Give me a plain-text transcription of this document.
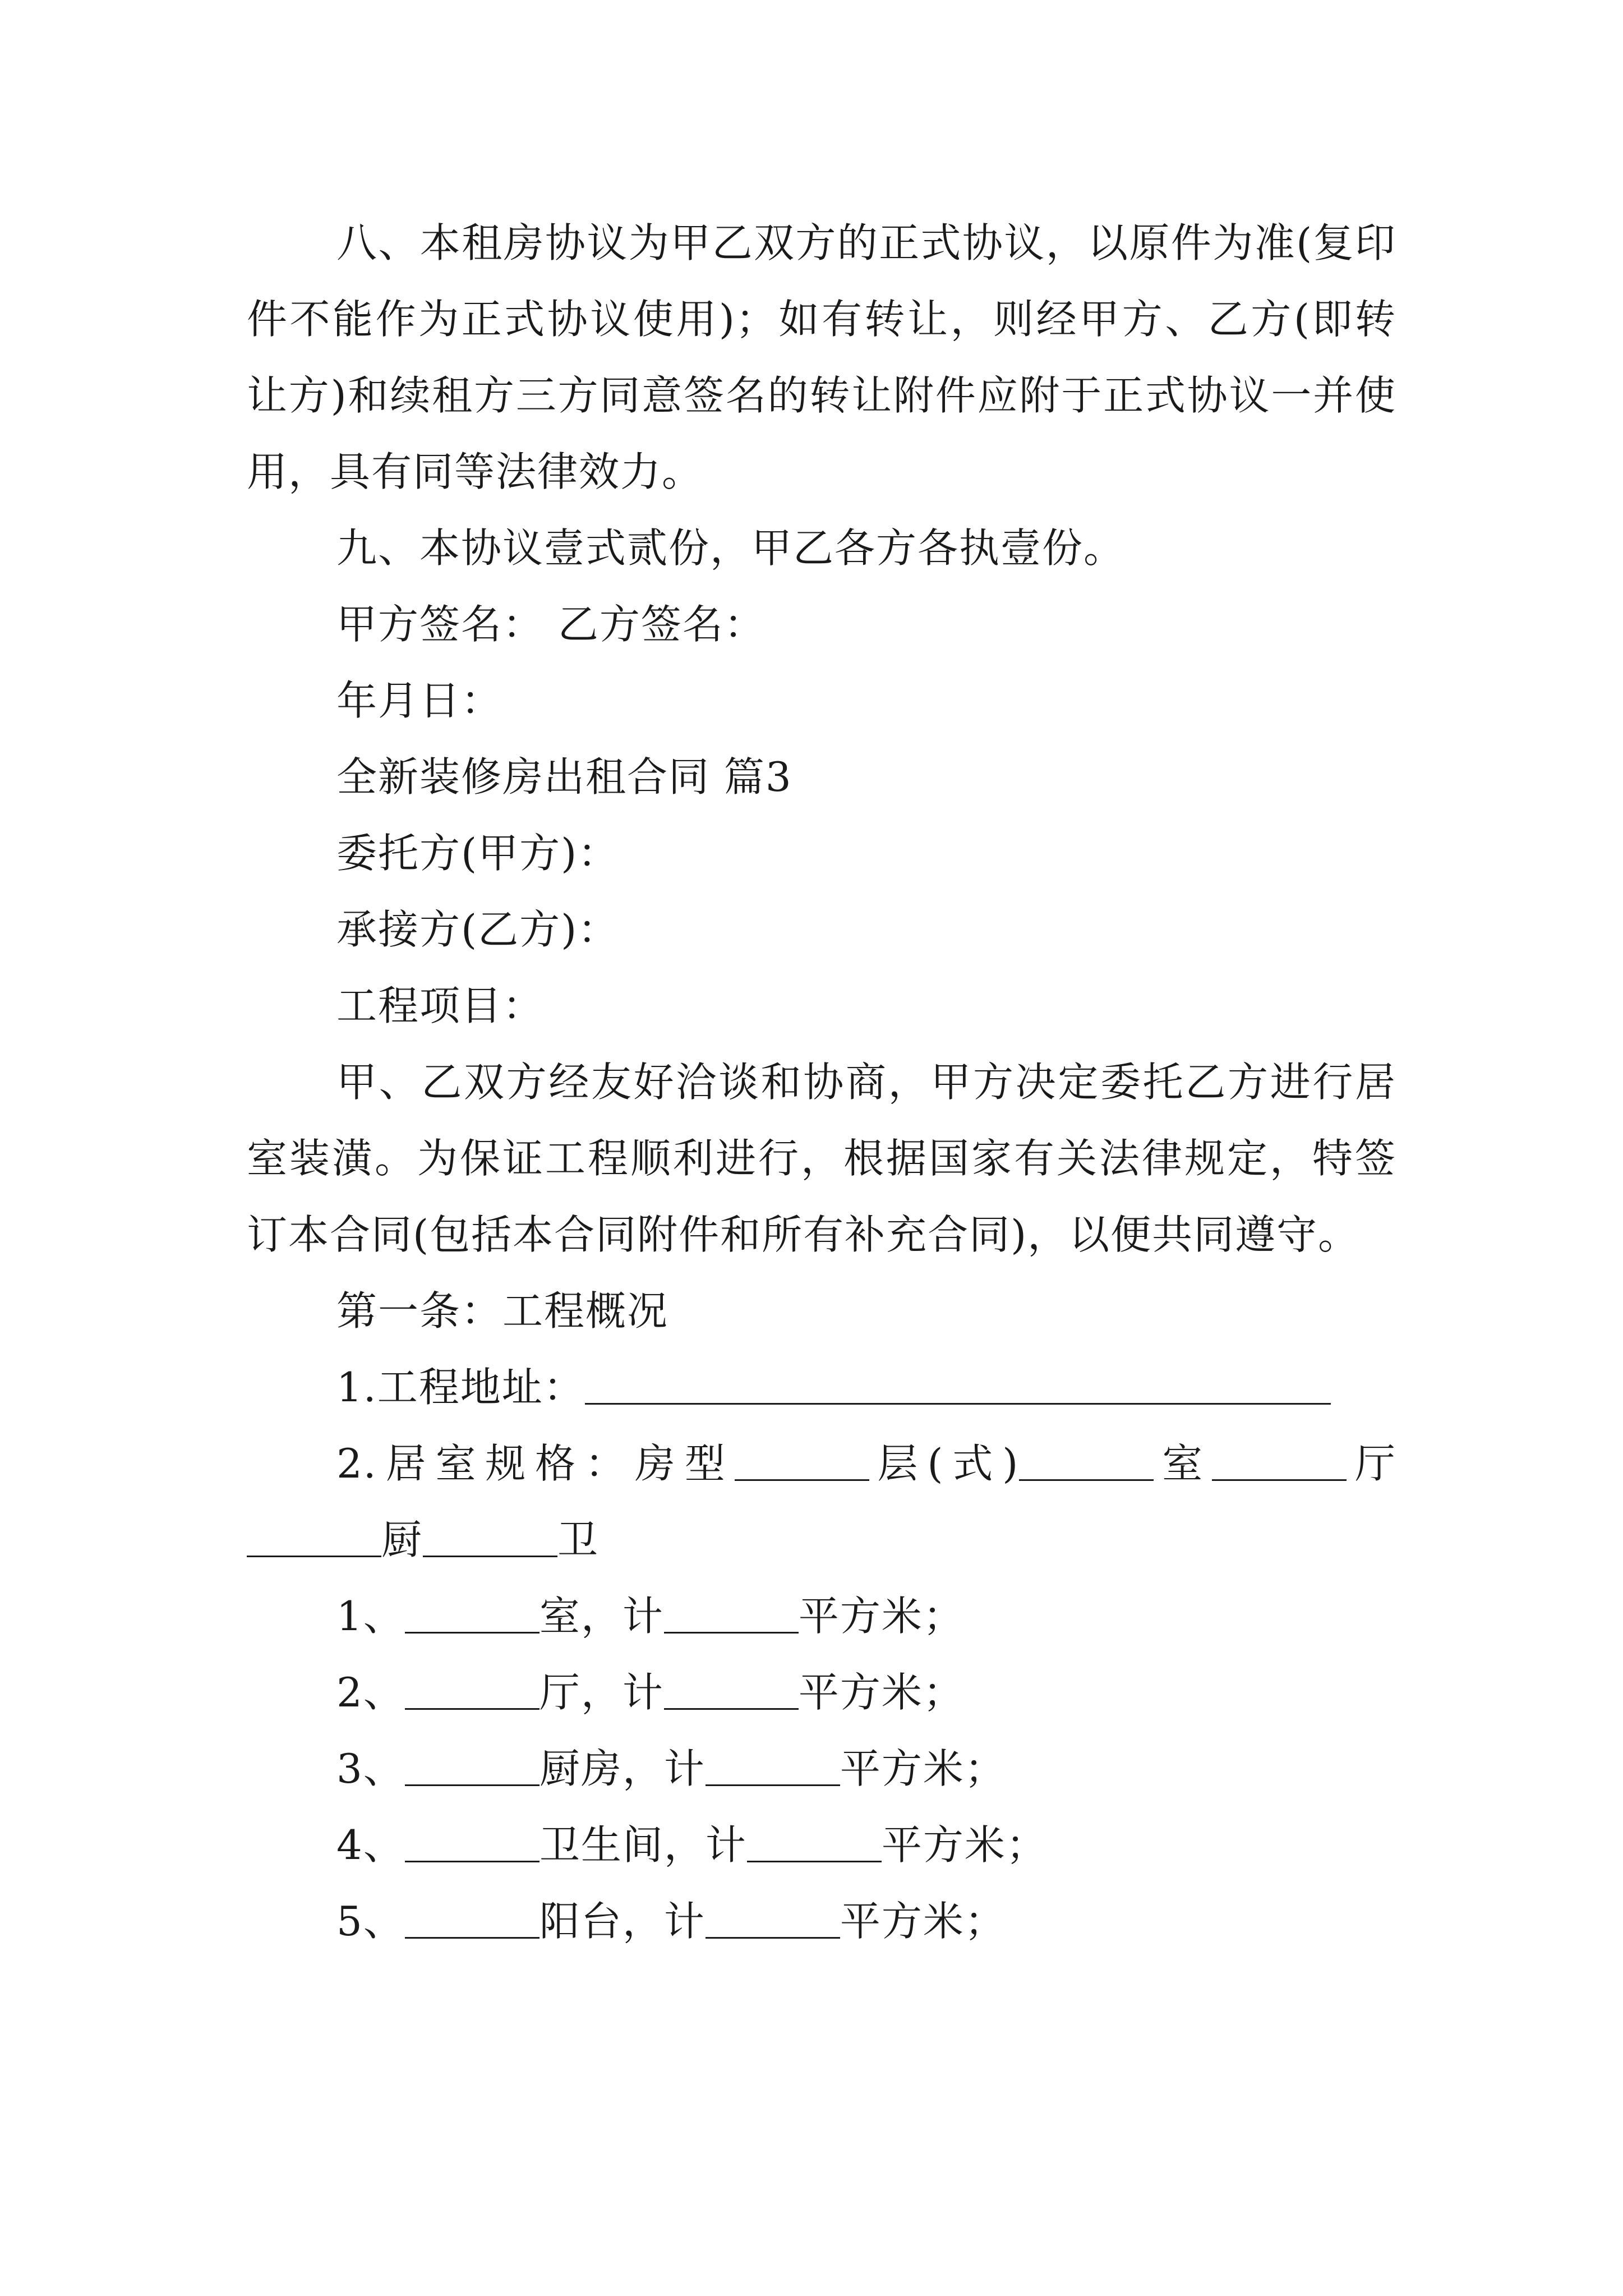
八、本租房协议为甲乙双方的正式协议，以原件为准(复印件不能作为正式协议使用)；如有转让，则经甲方、乙方(即转让方)和续租方三方同意签名的转让附件应附于正式协议一并使用，具有同等法律效力。

九、本协议壹式贰份，甲乙各方各执壹份。

甲方签名： 乙方签名：

年月日：

全新装修房出租合同 篇3

委托方(甲方)：

承接方(乙方)：

工程项目：

甲、乙双方经友好洽谈和协商，甲方决定委托乙方进行居室装潢。为保证工程顺利进行，根据国家有关法律规定，特签订本合同(包括本合同附件和所有补充合同)，以便共同遵守。

第一条：工程概况

1.工程地址：

2.居室规格：房型	层(式)	室	厅厨	卫

1、	室，计	平方米；

2、	厅，计	平方米；

3、	厨房，计	平方米；

4、	卫生间，计	平方米；

5、	阳台，计	平方米；
